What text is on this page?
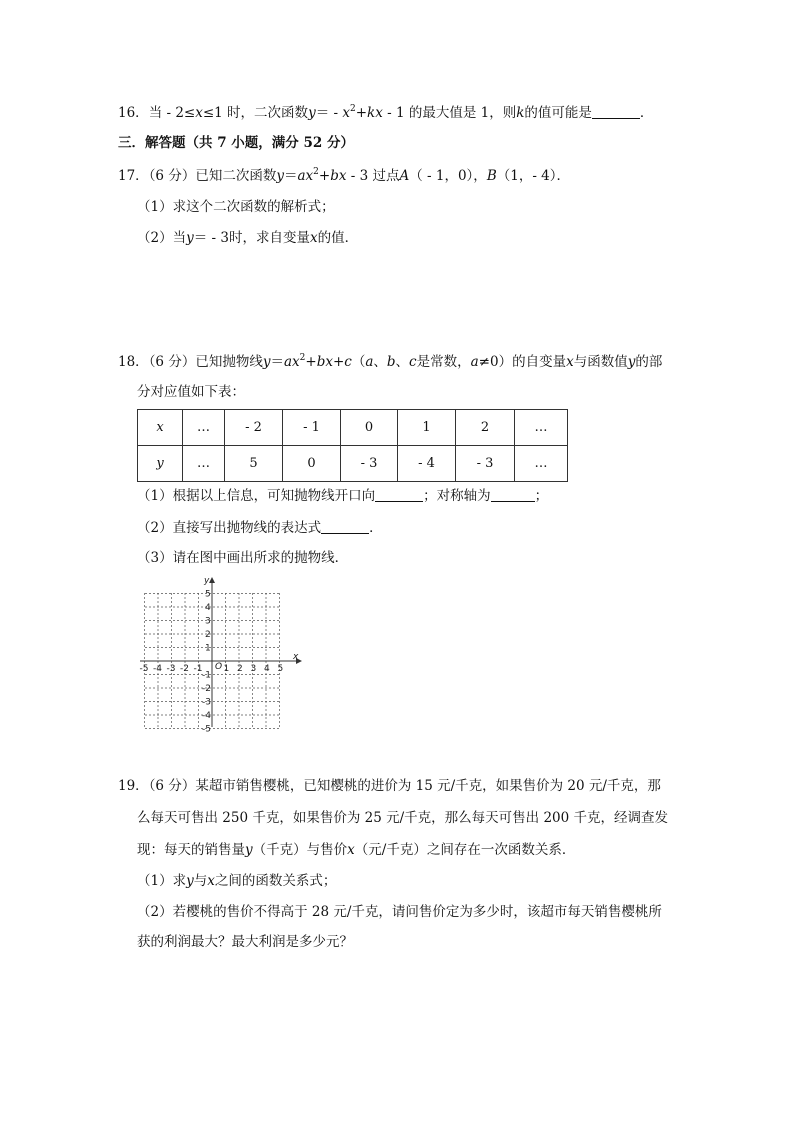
16．当 - 2≤x≤1 时，二次函数$y= - x^2+kx - 1$ 的最大值是 1，则k的值可能是	．
三．解答题（共 7 小题，满分 52 分）
17．（6 分）已知二次函数$y=ax^2+bx - 3$ 过点A（ - 1，0），B（1，- 4）．
（1）求这个二次函数的解析式；
（2）当y＝ - 3时，求自变量x的值．
18．（6 分）已知抛物线$y=ax^2+bx+c(a$、b、c是常数，a≠0）的自变量x与函数值y的部
分对应值如下表：
x	…	- 2	- 1	0	1	2	…
y	…	5	0	- 3	- 4	- 3	…
（1）根据以上信息，可知抛物线开口向	；对称轴为	；
（2）直接写出抛物线的表达式	．
（3）请在图中画出所求的抛物线．
x
y
O
-5 -4 -3 -2 -1 1 2 3 4 5
5
4
3
2
1
-1
-2
-3
-4
-5
19．（6 分）某超市销售樱桃，已知樱桃的进价为 15 元/千克，如果售价为 20 元/千克，那
么每天可售出 250 千克，如果售价为 25 元/千克，那么每天可售出 200 千克，经调查发
现：每天的销售量y（千克）与售价x（元/千克）之间存在一次函数关系．
（1）求y与x之间的函数关系式；
（2）若樱桃的售价不得高于 28 元/千克，请问售价定为多少时，该超市每天销售樱桃所
获的利润最大？最大利润是多少元？
